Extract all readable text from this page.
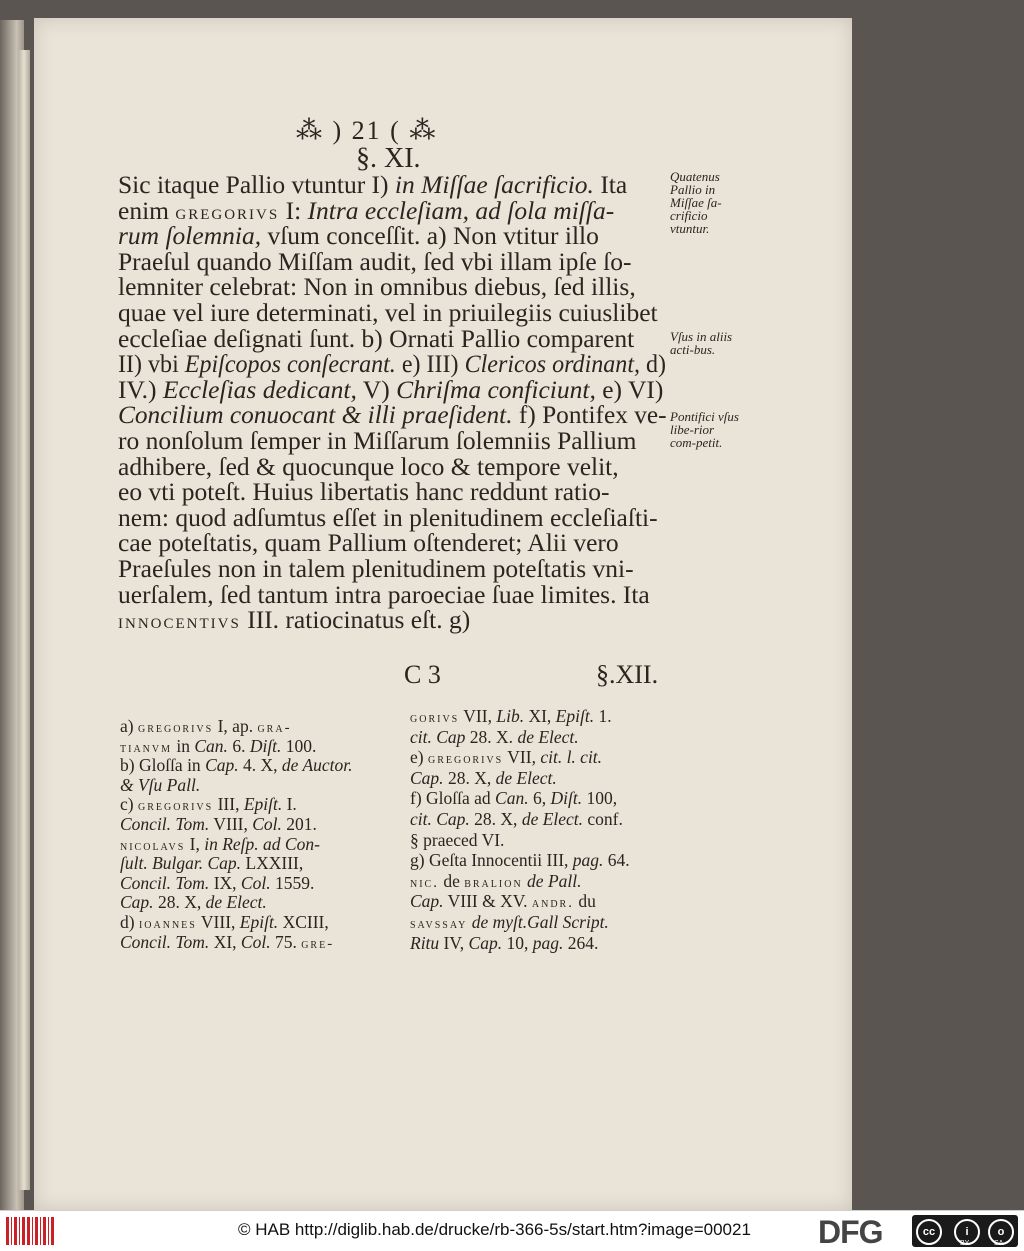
⁂ ) 21 ( ⁂

§. XI.

Sic itaque Pallio vtuntur I) in Miſſae ſacrificio. Ita

enim gregorivs I: Intra eccleſiam, ad ſola miſſa-

rum ſolemnia, vſum conceſſit. a) Non vtitur illo

Praeſul quando Miſſam audit, ſed vbi illam ipſe ſo-

lemniter celebrat: Non in omnibus diebus, ſed illis,

quae vel iure determinati, vel in priuilegiis cuiuslibet

eccleſiae deſignati ſunt. b) Ornati Pallio comparent

II) vbi Epiſcopos conſecrant. e) III) Clericos ordinant, d)

IV.) Eccleſias dedicant, V) Chriſma conficiunt, e) VI)

Concilium conuocant & illi praeſident. f) Pontifex ve-

ro nonſolum ſemper in Miſſarum ſolemniis Pallium

adhibere, ſed & quocunque loco & tempore velit,

eo vti poteſt. Huius libertatis hanc reddunt ratio-

nem: quod adſumtus eſſet in plenitudinem eccleſiaſti-

cae poteſtatis, quam Pallium oſtenderet; Alii vero

Praeſules non in talem plenitudinem poteſtatis vni-

uerſalem, ſed tantum intra paroeciae ſuae limites. Ita

innocentivs III. ratiocinatus eſt. g)

Quatenus Pallio in Miſſae ſa-crificio vtuntur.

Vſus in aliis acti-bus.

Pontifici vſus libe-rior com-petit.

C 3	§.XII.

a) gregorivs I, ap. gra-

tianvm in Can. 6. Diſt. 100.

b) Gloſſa in Cap. 4. X, de Auctor.

& Vſu Pall.

c) gregorivs III, Epiſt. I.

Concil. Tom. VIII, Col. 201.

nicolavs I, in Reſp. ad Con-

ſult. Bulgar. Cap. LXXIII,

Concil. Tom. IX, Col. 1559.

Cap. 28. X, de Elect.

d) ioannes VIII, Epiſt. XCIII,

Concil. Tom. XI, Col. 75. gre-

gorivs VII, Lib. XI, Epiſt. 1.

cit. Cap 28. X. de Elect.

e) gregorivs VII, cit. l. cit.

Cap. 28. X, de Elect.

f) Gloſſa ad Can. 6, Diſt. 100,

cit. Cap. 28. X, de Elect. conf.

§ praeced VI.

g) Geſta Innocentii III, pag. 64.

nic. de bralion de Pall.

Cap. VIII & XV. andr. du

savssay de myſt.Gall Script.

Ritu IV, Cap. 10, pag. 264.

© HAB http://diglib.hab.de/drucke/rb-366-5s/start.htm?image=00021 DFG	cc	i	o
BY	SA
